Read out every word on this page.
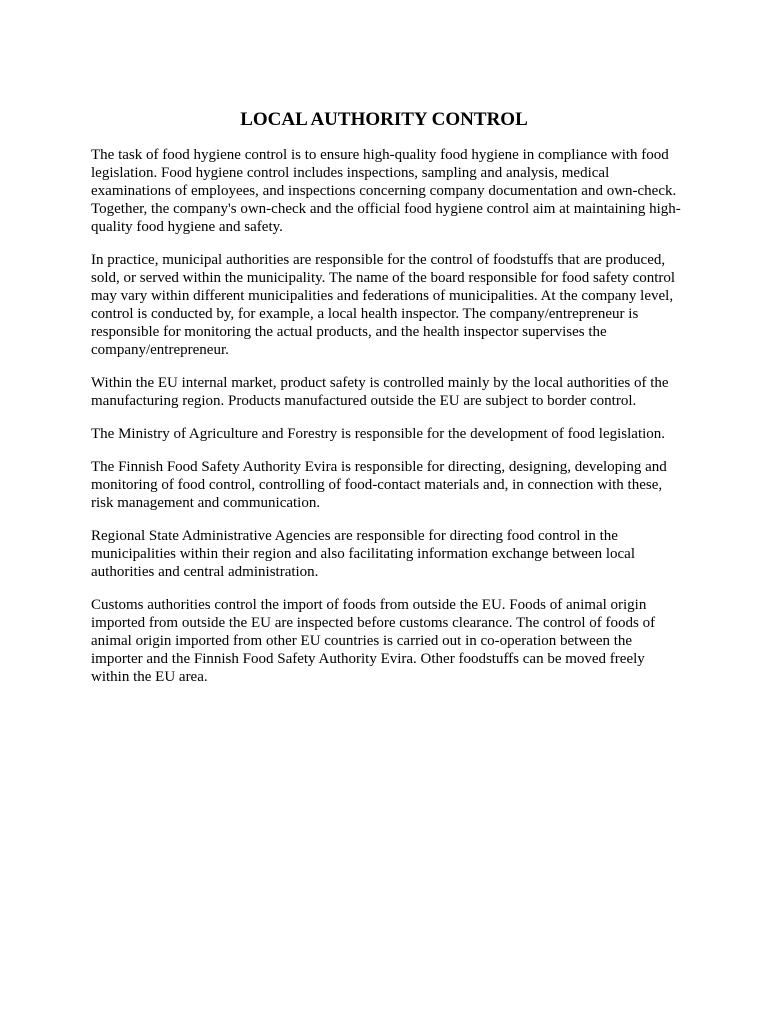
LOCAL AUTHORITY CONTROL

The task of food hygiene control is to ensure high-quality food hygiene in compliance with food legislation. Food hygiene control includes inspections, sampling and analysis, medical examinations of employees, and inspections concerning company documentation and own-check. Together, the company's own-check and the official food hygiene control aim at maintaining high-quality food hygiene and safety.

In practice, municipal authorities are responsible for the control of foodstuffs that are produced, sold, or served within the municipality. The name of the board responsible for food safety control may vary within different municipalities and federations of municipalities. At the company level, control is conducted by, for example, a local health inspector. The company/entrepreneur is responsible for monitoring the actual products, and the health inspector supervises the company/entrepreneur.

Within the EU internal market, product safety is controlled mainly by the local authorities of the manufacturing region. Products manufactured outside the EU are subject to border control.

The Ministry of Agriculture and Forestry is responsible for the development of food legislation.

The Finnish Food Safety Authority Evira is responsible for directing, designing, developing and monitoring of food control, controlling of food-contact materials and, in connection with these, risk management and communication.

Regional State Administrative Agencies are responsible for directing food control in the municipalities within their region and also facilitating information exchange between local authorities and central administration.

Customs authorities control the import of foods from outside the EU. Foods of animal origin imported from outside the EU are inspected before customs clearance. The control of foods of animal origin imported from other EU countries is carried out in co-operation between the importer and the Finnish Food Safety Authority Evira. Other foodstuffs can be moved freely within the EU area.
